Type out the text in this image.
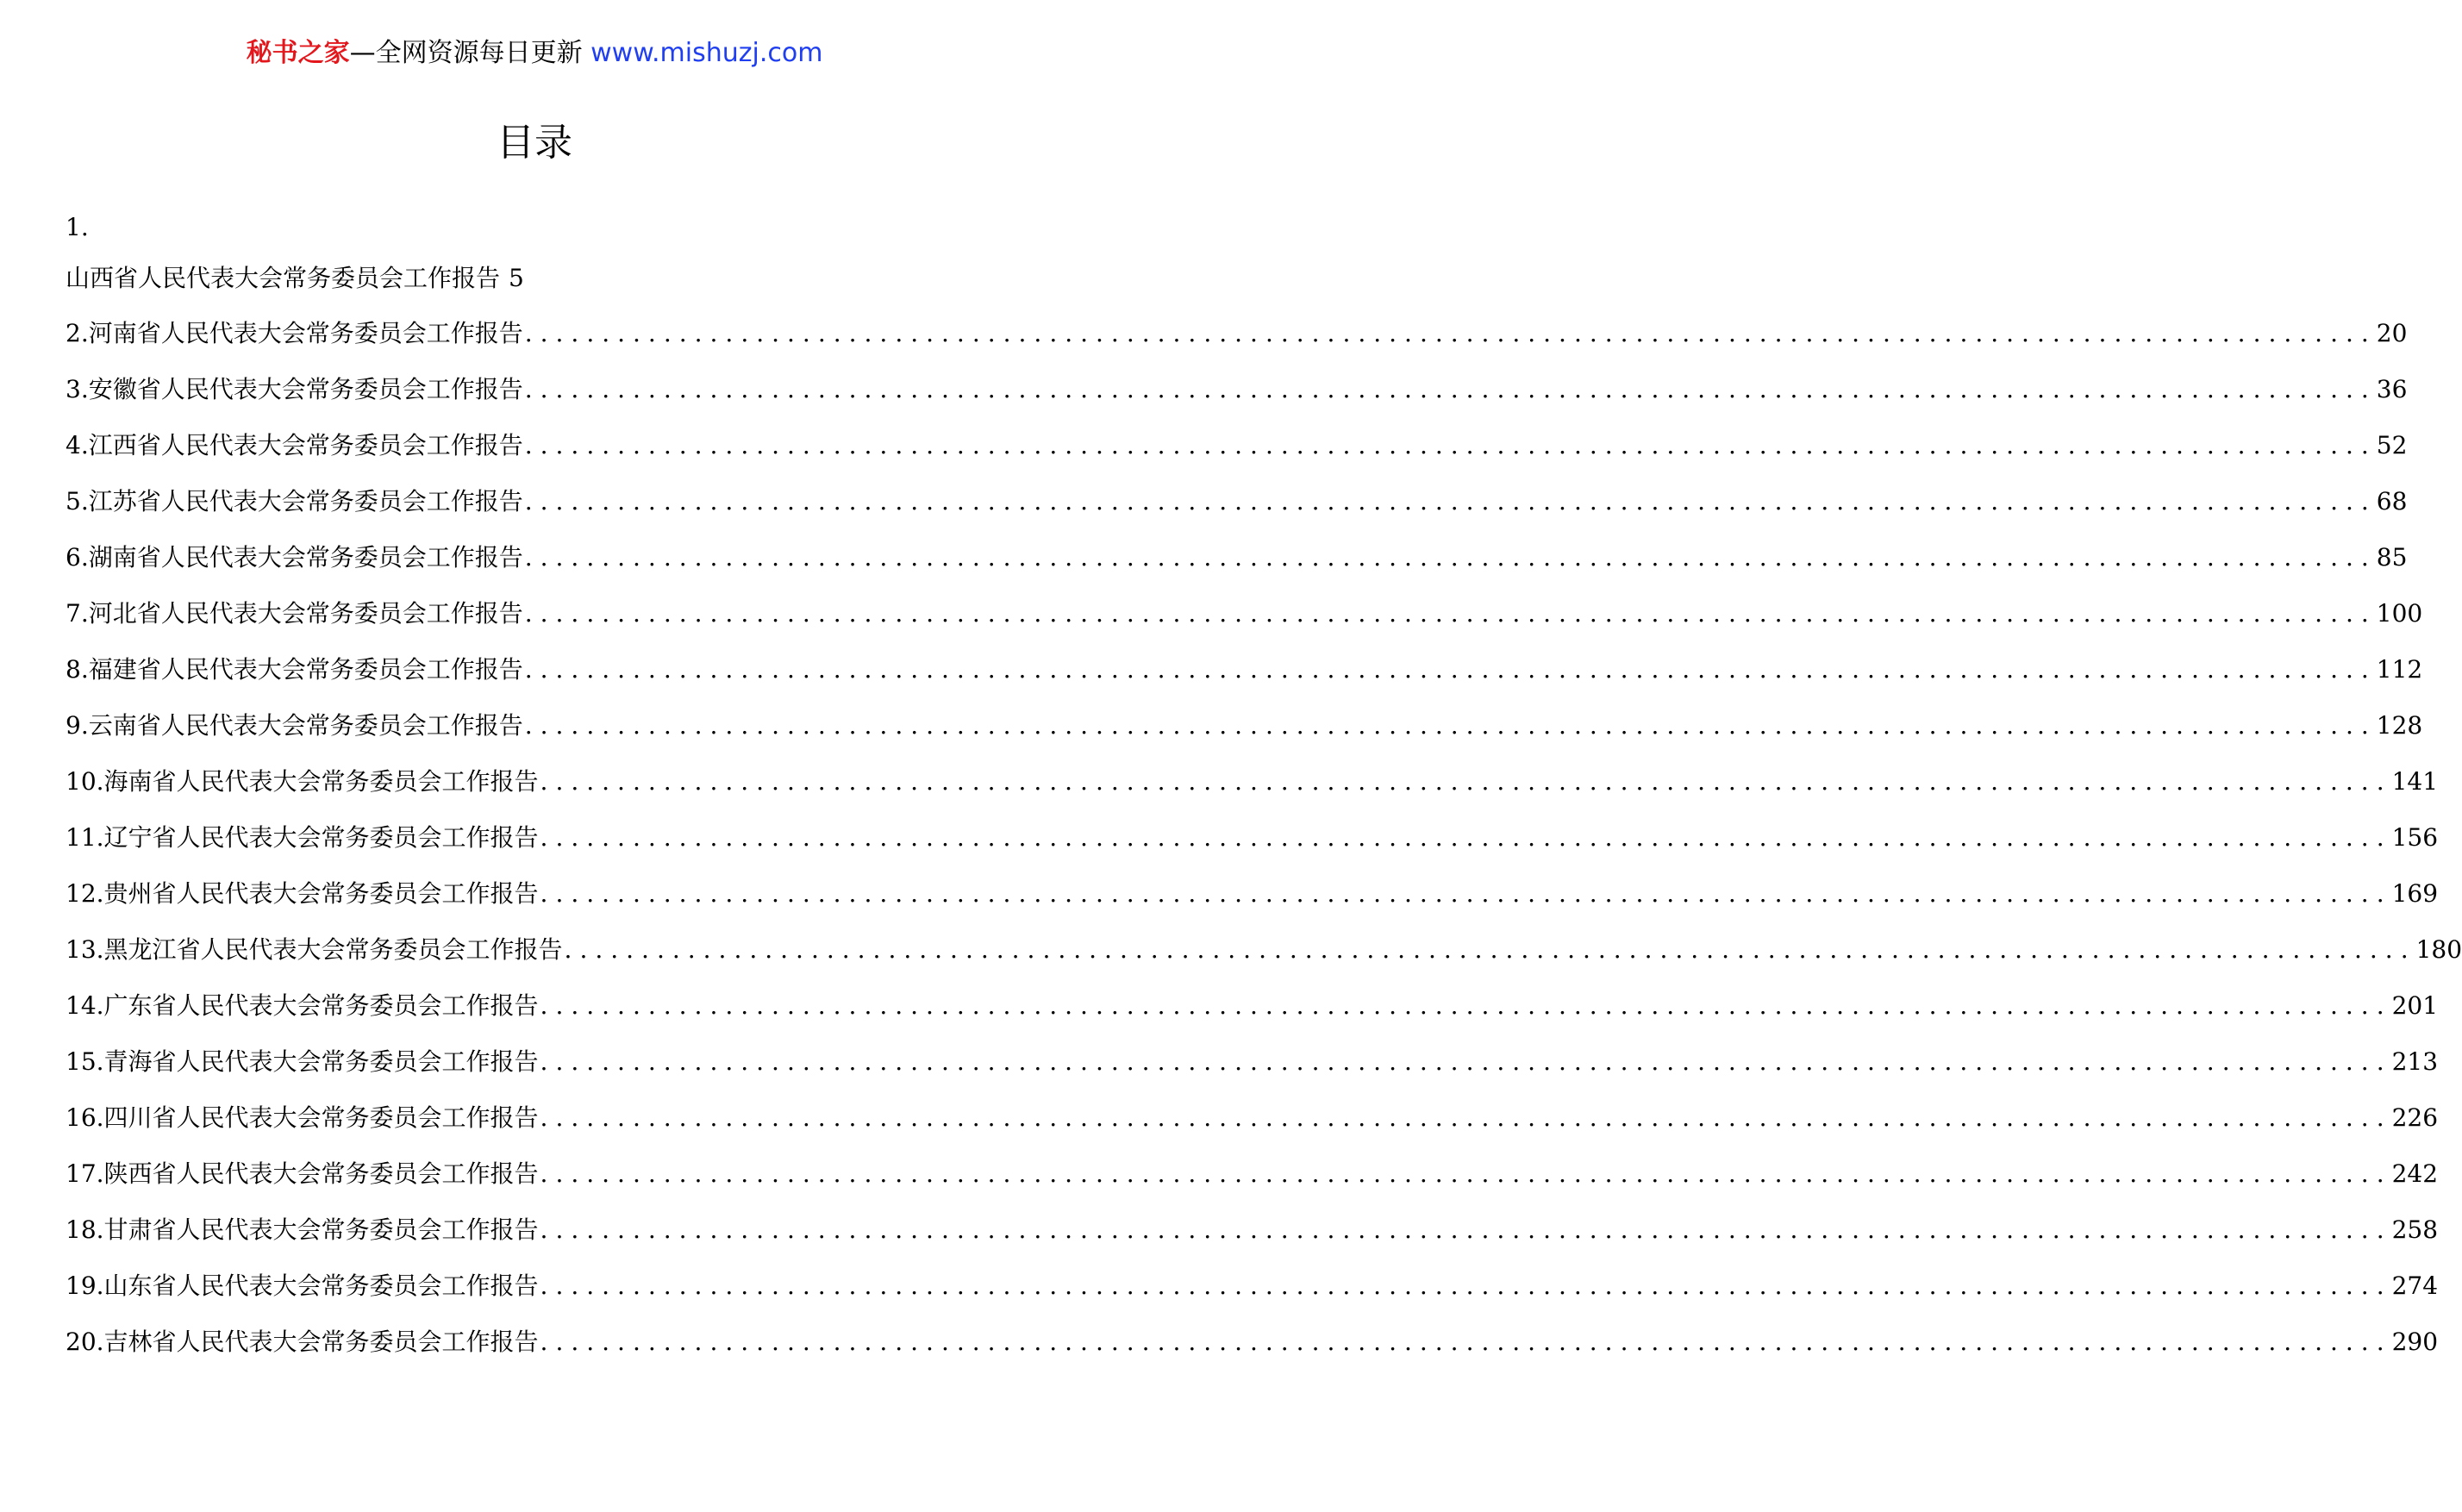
秘书之家—全网资源每日更新 www.mishuzj.com
目录
1.
山西省人民代表大会常务委员会工作报告 5
2.河南省人民代表大会常务委员会工作报告 ........................................................................................................................ 20
3.安徽省人民代表大会常务委员会工作报告 ........................................................................................................................ 36
4.江西省人民代表大会常务委员会工作报告 ........................................................................................................................ 52
5.江苏省人民代表大会常务委员会工作报告 ........................................................................................................................ 68
6.湖南省人民代表大会常务委员会工作报告 ........................................................................................................................ 85
7.河北省人民代表大会常务委员会工作报告 ........................................................................................................................ 100
8.福建省人民代表大会常务委员会工作报告 ........................................................................................................................ 112
9.云南省人民代表大会常务委员会工作报告 ........................................................................................................................ 128
10.海南省人民代表大会常务委员会工作报告 ........................................................................................................................ 141
11.辽宁省人民代表大会常务委员会工作报告 ........................................................................................................................ 156
12.贵州省人民代表大会常务委员会工作报告 ........................................................................................................................ 169
13.黑龙江省人民代表大会常务委员会工作报告 ........................................................................................................................ 180
14.广东省人民代表大会常务委员会工作报告 ........................................................................................................................ 201
15.青海省人民代表大会常务委员会工作报告 ........................................................................................................................ 213
16.四川省人民代表大会常务委员会工作报告 ........................................................................................................................ 226
17.陕西省人民代表大会常务委员会工作报告 ........................................................................................................................ 242
18.甘肃省人民代表大会常务委员会工作报告 ........................................................................................................................ 258
19.山东省人民代表大会常务委员会工作报告 ........................................................................................................................ 274
20.吉林省人民代表大会常务委员会工作报告 ........................................................................................................................ 290
